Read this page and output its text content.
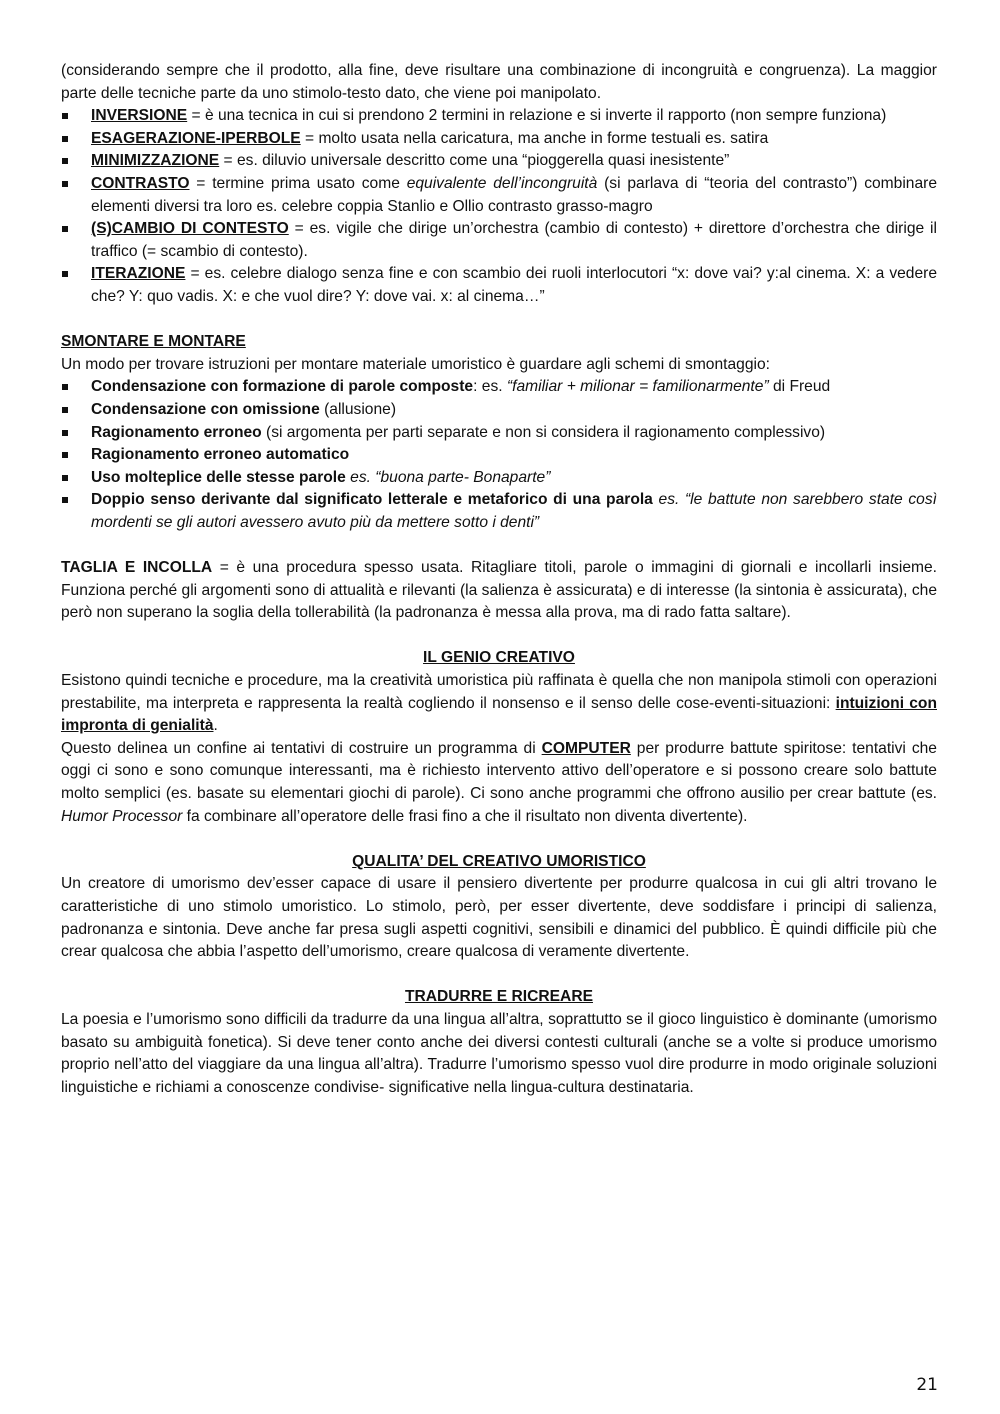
(considerando sempre che il prodotto, alla fine, deve risultare una combinazione di incongruità e congruenza). La maggior parte delle tecniche parte da uno stimolo-testo dato, che viene poi manipolato.

INVERSIONE = è una tecnica in cui si prendono 2 termini in relazione e si inverte il rapporto (non sempre funziona)
ESAGERAZIONE-IPERBOLE = molto usata nella caricatura, ma anche in forme testuali es. satira
MINIMIZZAZIONE = es. diluvio universale descritto come una “pioggerella quasi inesistente”
CONTRASTO = termine prima usato come equivalente dell’incongruità (si parlava di “teoria del contrasto”) combinare elementi diversi tra loro es. celebre coppia Stanlio e Ollio contrasto grasso-magro
(S)CAMBIO DI CONTESTO = es. vigile che dirige un’orchestra (cambio di contesto) + direttore d’orchestra che dirige il traffico (= scambio di contesto).
ITERAZIONE = es. celebre dialogo senza fine e con scambio dei ruoli interlocutori “x: dove vai? y:al cinema. X: a vedere che? Y: quo vadis. X: e che vuol dire? Y: dove vai. x: al cinema…”

SMONTARE E MONTARE

Un modo per trovare istruzioni per montare materiale umoristico è guardare agli schemi di smontaggio:

Condensazione con formazione di parole composte: es. “familiar + milionar = familionarmente” di Freud
Condensazione con omissione (allusione)
Ragionamento erroneo (si argomenta per parti separate e non si considera il ragionamento complessivo)
Ragionamento erroneo automatico
Uso molteplice delle stesse parole es. “buona parte- Bonaparte”
Doppio senso derivante dal significato letterale e metaforico di una parola es. “le battute non sarebbero state così mordenti se gli autori avessero avuto più da mettere sotto i denti”

TAGLIA E INCOLLA = è una procedura spesso usata. Ritagliare titoli, parole o immagini di giornali e incollarli insieme. Funziona perché gli argomenti sono di attualità e rilevanti (la salienza è assicurata) e di interesse (la sintonia è assicurata), che però non superano la soglia della tollerabilità (la padronanza è messa alla prova, ma di rado fatta saltare).

IL GENIO CREATIVO

Esistono quindi tecniche e procedure, ma la creatività umoristica più raffinata è quella che non manipola stimoli con operazioni prestabilite, ma interpreta e rappresenta la realtà cogliendo il nonsenso e il senso delle cose-eventi-situazioni: intuizioni con impronta di genialità.

Questo delinea un confine ai tentativi di costruire un programma di COMPUTER per produrre battute spiritose: tentativi che oggi ci sono e sono comunque interessanti, ma è richiesto intervento attivo dell’operatore e si possono creare solo battute molto semplici (es. basate su elementari giochi di parole). Ci sono anche programmi che offrono ausilio per crear battute (es. Humor Processor fa combinare all’operatore delle frasi fino a che il risultato non diventa divertente).

QUALITA’ DEL CREATIVO UMORISTICO

Un creatore di umorismo dev’esser capace di usare il pensiero divertente per produrre qualcosa in cui gli altri trovano le caratteristiche di uno stimolo umoristico. Lo stimolo, però, per esser divertente, deve soddisfare i principi di salienza, padronanza e sintonia. Deve anche far presa sugli aspetti cognitivi, sensibili e dinamici del pubblico. È quindi difficile più che crear qualcosa che abbia l’aspetto dell’umorismo, creare qualcosa di veramente divertente.

TRADURRE E RICREARE

La poesia e l’umorismo sono difficili da tradurre da una lingua all’altra, soprattutto se il gioco linguistico è dominante (umorismo basato su ambiguità fonetica). Si deve tener conto anche dei diversi contesti culturali (anche se a volte si produce umorismo proprio nell’atto del viaggiare da una lingua all’altra). Tradurre l’umorismo spesso vuol dire produrre in modo originale soluzioni linguistiche e richiami a conoscenze condivise- significative nella lingua-cultura destinataria.

21
